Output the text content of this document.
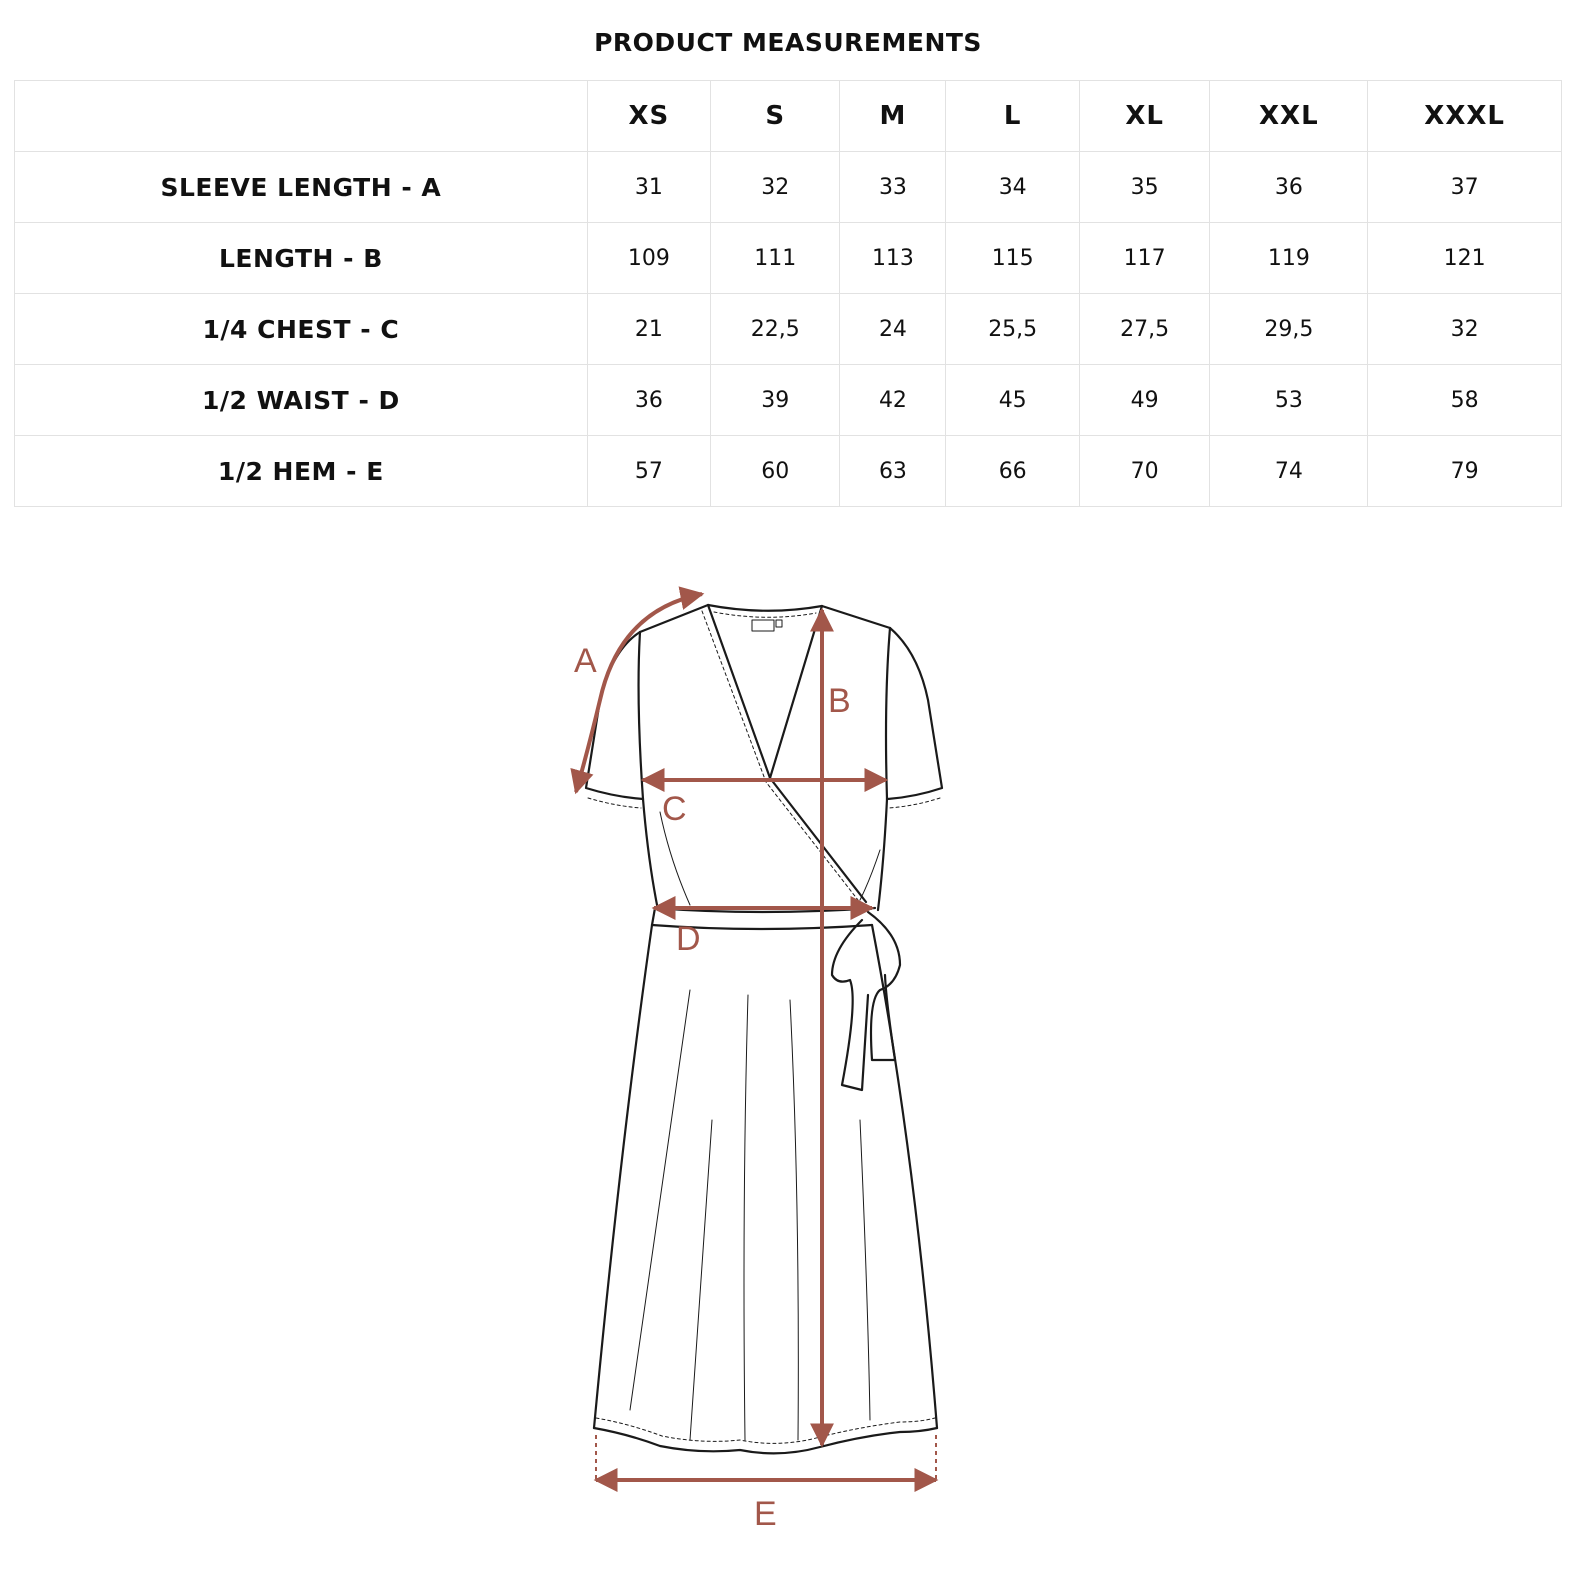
PRODUCT MEASUREMENTS
	XS	S	M	L	XL	XXL	XXXL
SLEEVE LENGTH - A	31	32	33	34	35	36	37
LENGTH - B	109	111	113	115	117	119	121
1/4 CHEST - C	21	22,5	24	25,5	27,5	29,5	32
1/2 WAIST - D	36	39	42	45	49	53	58
1/2 HEM - E	57	60	63	66	70	74	79
A
B
C
D
E
